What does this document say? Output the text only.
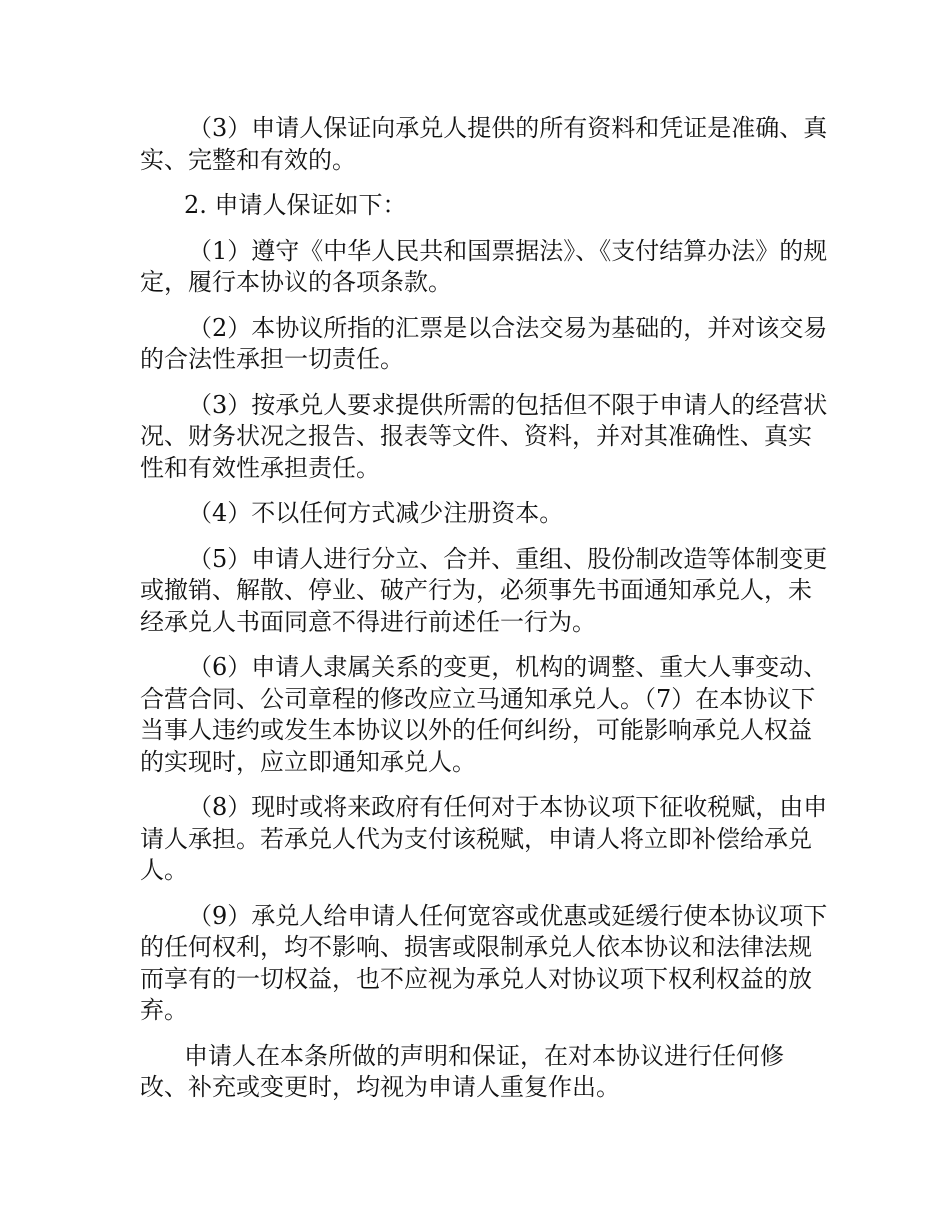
（3）申请人保证向承兑人提供的所有资料和凭证是准确、真实、完整和有效的。

2. 申请人保证如下：

（1）遵守《中华人民共和国票据法》、《支付结算办法》的规定，履行本协议的各项条款。

（2）本协议所指的汇票是以合法交易为基础的，并对该交易的合法性承担一切责任。

（3）按承兑人要求提供所需的包括但不限于申请人的经营状况、财务状况之报告、报表等文件、资料，并对其准确性、真实性和有效性承担责任。

（4）不以任何方式减少注册资本。

（5）申请人进行分立、合并、重组、股份制改造等体制变更或撤销、解散、停业、破产行为，必须事先书面通知承兑人，未经承兑人书面同意不得进行前述任一行为。

（6）申请人隶属关系的变更，机构的调整、重大人事变动、合营合同、公司章程的修改应立马通知承兑人。（7）在本协议下当事人违约或发生本协议以外的任何纠纷，可能影响承兑人权益的实现时，应立即通知承兑人。

（8）现时或将来政府有任何对于本协议项下征收税赋，由申请人承担。若承兑人代为支付该税赋，申请人将立即补偿给承兑人。

（9）承兑人给申请人任何宽容或优惠或延缓行使本协议项下的任何权利，均不影响、损害或限制承兑人依本协议和法律法规而享有的一切权益，也不应视为承兑人对协议项下权利权益的放弃。

申请人在本条所做的声明和保证，在对本协议进行任何修改、补充或变更时，均视为申请人重复作出。
